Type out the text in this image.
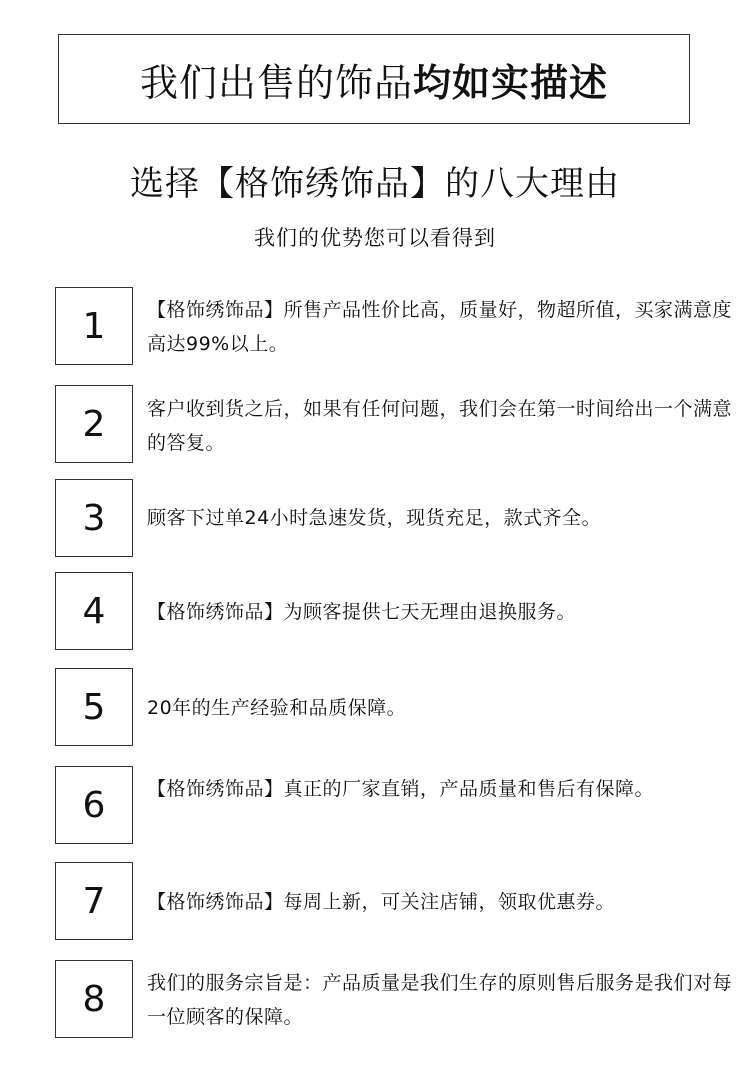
我们出售的饰品 均如实描述
选择【格饰绣饰品】的八大理由
我们的优势您可以看得到
1	【格饰绣饰品】所售产品性价比高，质量好，物超所值，买家满意度高达99%以上。
2	客户收到货之后，如果有任何问题，我们会在第一时间给出一个满意的答复。
3	顾客下过单24小时急速发货，现货充足，款式齐全。
4	【格饰绣饰品】为顾客提供七天无理由退换服务。
5	20年的生产经验和品质保障。
6	【格饰绣饰品】真正的厂家直销，产品质量和售后有保障。
7	【格饰绣饰品】每周上新，可关注店铺，领取优惠券。
8	我们的服务宗旨是：产品质量是我们生存的原则售后服务是我们对每一位顾客的保障。
